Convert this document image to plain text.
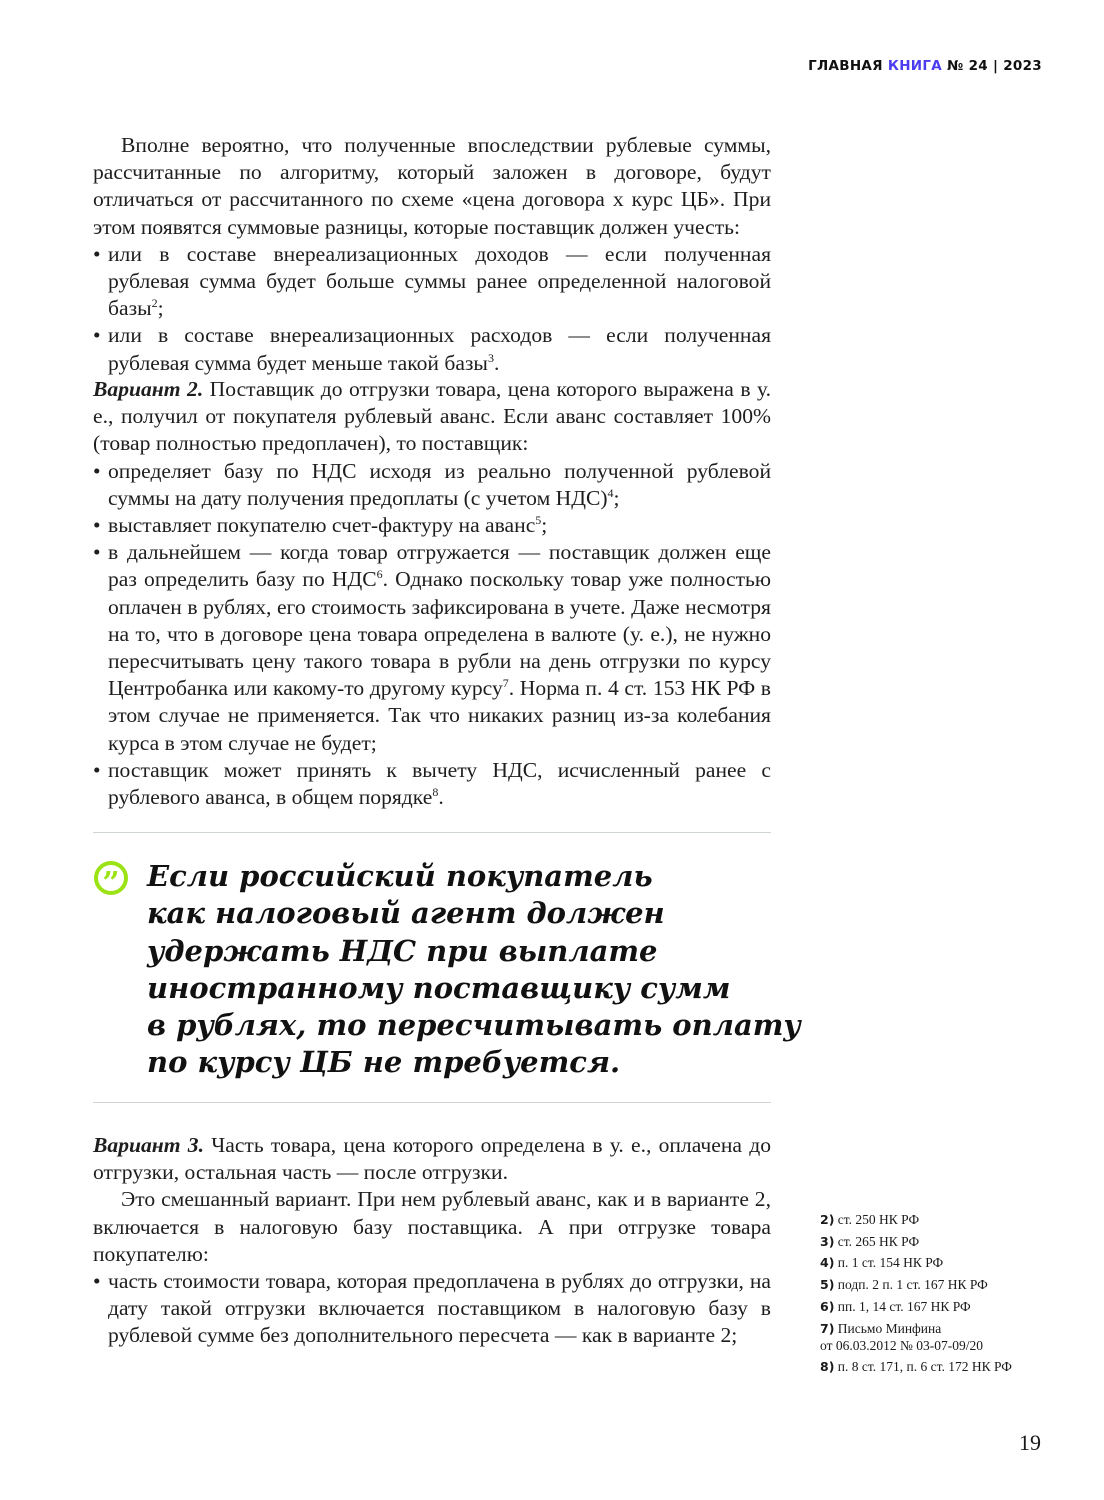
ГЛАВНАЯ КНИГА № 24 | 2023

Вполне вероятно, что полученные впоследствии рублевые суммы, рассчитанные по алгоритму, который заложен в договоре, будут отличаться от рассчитанного по схеме «цена договора х курс ЦБ». При этом появятся суммовые разницы, которые поставщик должен учесть:

• или в составе внереализационных доходов — если полученная рублевая сумма будет больше суммы ранее определенной налоговой базы$^2$;
• или в составе внереализационных расходов — если полученная рублевая сумма будет меньше такой базы$^3$.

Вариант 2. Поставщик до отгрузки товара, цена которого выражена в у. е., получил от покупателя рублевый аванс. Если аванс составляет 100% (товар полностью предоплачен), то поставщик:

• определяет базу по НДС исходя из реально полученной рублевой суммы на дату получения предоплаты (с учетом НДС)$^4$;
• выставляет покупателю счет-фактуру на аванс$^5$;
• в дальнейшем — когда товар отгружается — поставщик должен еще раз определить базу по НДС$^6$. Однако поскольку товар уже полностью оплачен в рублях, его стоимость зафиксирована в учете. Даже несмотря на то, что в договоре цена товара определена в валюте (у. е.), не нужно пересчитывать цену такого товара в рубли на день отгрузки по курсу Центробанка или какому-то другому курсу$^7$. Норма п. 4 ст. 153 НК РФ в этом случае не применяется. Так что никаких разниц из-за колебания курса в этом случае не будет;
• поставщик может принять к вычету НДС, исчисленный ранее с рублевого аванса, в общем порядке$^8$.
” Если российский покупатель
как налоговый агент должен
удержать НДС при выплате
иностранному поставщику сумм
в рублях, то пересчитывать оплату
по курсу ЦБ не требуется.

Вариант 3. Часть товара, цена которого определена в у. е., оплачена до отгрузки, остальная часть — после отгрузки.

Это смешанный вариант. При нем рублевый аванс, как и в варианте 2, включается в налоговую базу поставщика. А при отгрузке товара покупателю:

• часть стоимости товара, которая предоплачена в рублях до отгрузки, на дату такой отгрузки включается поставщиком в налоговую базу в рублевой сумме без дополнительного пересчета — как в варианте 2;
2) ст. 250 НК РФ
3) ст. 265 НК РФ
4) п. 1 ст. 154 НК РФ
5) подп. 2 п. 1 ст. 167 НК РФ
6) пп. 1, 14 ст. 167 НК РФ
7) Письмо Минфина
от 06.03.2012 № 03-07-09/20
8) п. 8 ст. 171, п. 6 ст. 172 НК РФ
19
